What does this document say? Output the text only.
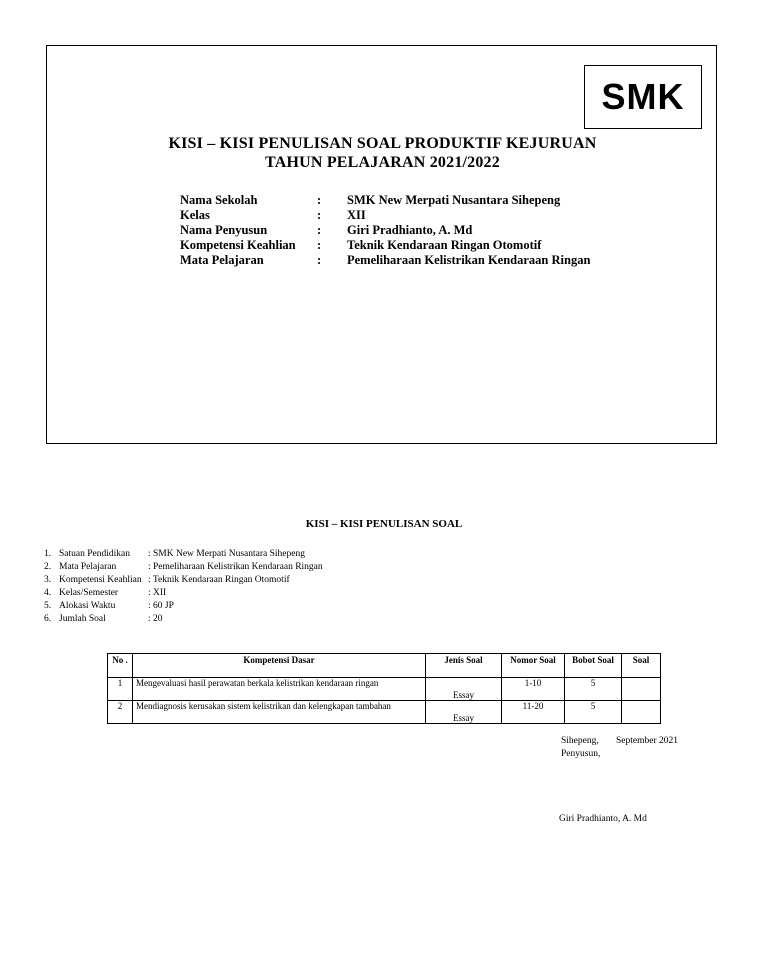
SMK
KISI – KISI PENULISAN SOAL PRODUKTIF KEJURUAN
TAHUN PELAJARAN 2021/2022
Nama Sekolah	:	SMK New Merpati Nusantara Sihepeng
Kelas	:	XII
Nama Penyusun	:	Giri Pradhianto, A. Md
Kompetensi Keahlian	:	Teknik Kendaraan Ringan Otomotif
Mata Pelajaran	:	Pemeliharaan Kelistrikan Kendaraan Ringan
KISI – KISI PENULISAN SOAL
1. Satuan Pendidikan	: SMK New Merpati Nusantara Sihepeng
2. Mata Pelajaran	: Pemeliharaan Kelistrikan Kendaraan Ringan
3. Kompetensi Keahlian : Teknik Kendaraan Ringan Otomotif
4. Kelas/Semester	: XII
5. Alokasi Waktu	: 60 JP
6. Jumlah Soal	: 20
No .	Kompetensi Dasar	Jenis Soal	Nomor Soal	Bobot Soal	Soal
1	Mengevaluasi hasil perawatan berkala kelistrikan kendaraan ringan	Essay	1-10	5	
2	Mendiagnosis kerusakan sistem kelistrikan dan kelengkapan tambahan	Essay	11-20	5	
Sihepeng, September 2021
Penyusun,
Giri Pradhianto, A. Md
